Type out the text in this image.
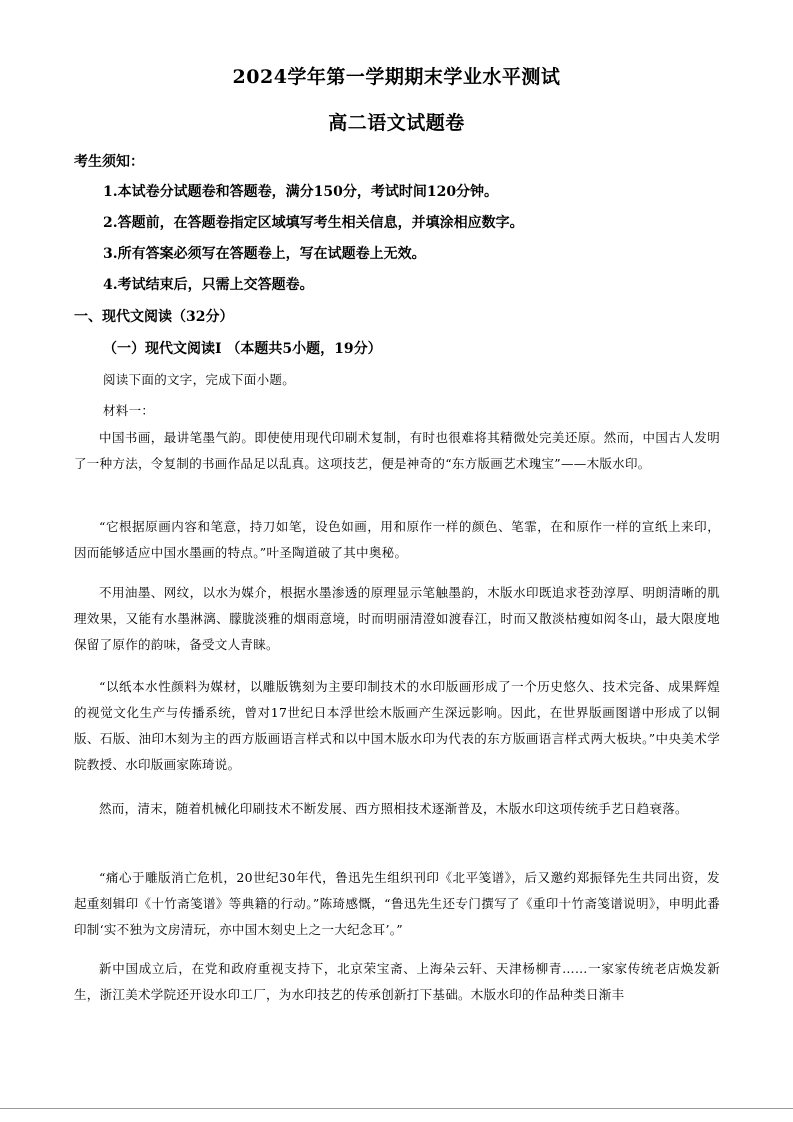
2024学年第一学期期末学业水平测试
高二语文试题卷
考生须知：
1.本试卷分试题卷和答题卷，满分150分，考试时间120分钟。
2.答题前，在答题卷指定区域填写考生相关信息，并填涂相应数字。
3.所有答案必须写在答题卷上，写在试题卷上无效。
4.考试结束后，只需上交答题卷。
一、现代文阅读（32分）
（一）现代文阅读Ⅰ （本题共5小题，19分）
阅读下面的文字，完成下面小题。
材料一：

中国书画，最讲笔墨气韵。即使使用现代印刷术复制，有时也很难将其精微处完美还原。然而，中国古人发明了一种方法，令复制的书画作品足以乱真。这项技艺，便是神奇的“东方版画艺术瑰宝”——木版水印。

“它根据原画内容和笔意，持刀如笔，设色如画，用和原作一样的颜色、笔霏，在和原作一样的宣纸上来印，因而能够适应中国水墨画的特点。”叶圣陶道破了其中奥秘。

不用油墨、网纹，以水为媒介，根据水墨渗透的原理显示笔触墨韵，木版水印既追求苍劲淳厚、明朗清晰的肌理效果，又能有水墨淋漓、朦胧淡雅的烟雨意境，时而明丽清澄如渡春江，时而又散淡枯瘦如闳冬山，最大限度地保留了原作的韵味，备受文人青睐。

“以纸本水性颜料为媒材，以雕版镌刻为主要印制技术的水印版画形成了一个历史悠久、技术完备、成果辉煌的视觉文化生产与传播系统，曾对17世纪日本浮世绘木版画产生深远影响。因此，在世界版画图谱中形成了以铜版、石版、油印木刻为主的西方版画语言样式和以中国木版水印为代表的东方版画语言样式两大板块。”中央美术学院教授、水印版画家陈琦说。

然而，清末，随着机械化印刷技术不断发展、西方照相技术逐渐普及，木版水印这项传统手艺日趋衰落。

“痛心于雕版消亡危机，20世纪30年代，鲁迅先生组织刊印《北平笺谱》，后又邀约郑振铎先生共同出资，发起重刻辑印《十竹斋笺谱》等典籍的行动。”陈琦感慨，“鲁迅先生还专门撰写了《重印十竹斋笺谱说明》，申明此番印制‘实不独为文房清玩，亦中国木刻史上之一大纪念耳’。”

新中国成立后，在党和政府重视支持下，北京荣宝斋、上海朵云轩、天津杨柳青……一家家传统老店焕发新生，浙江美术学院还开设水印工厂，为水印技艺的传承创新打下基础。木版水印的作品种类日渐丰
